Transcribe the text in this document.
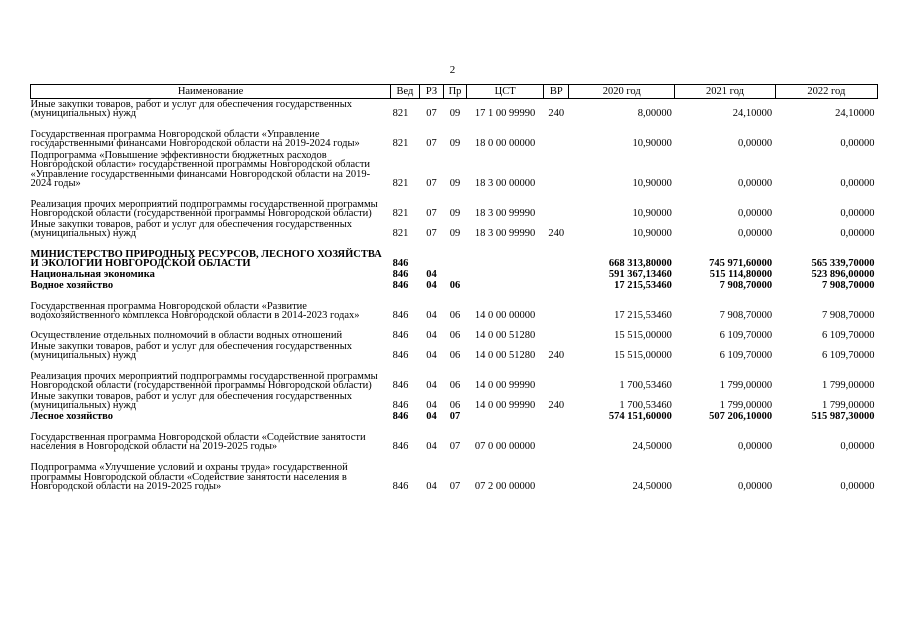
2
Наименование	Вед	РЗ	Пр	ЦСТ	ВР	2020 год	2021 год	2022 год
Иные закупки товаров, работ и услуг для обеспечения государственных (муниципальных) нужд	821	07	09	17 1 00 99990	240	8,00000	24,10000	24,10000
Государственная программа Новгородской области «Управление государственными финансами Новгородской области на 2019-2024 годы»	821	07	09	18 0 00 00000		10,90000	0,00000	0,00000
Подпрограмма «Повышение эффективности бюджетных расходов Новгородской области» государственной программы Новгородской области «Управление государственными финансами Новгородской области на 2019-2024 годы»	821	07	09	18 3 00 00000		10,90000	0,00000	0,00000
Реализация прочих мероприятий подпрограммы государственной программы Новгородской области (государственной программы Новгородской области)	821	07	09	18 3 00 99990		10,90000	0,00000	0,00000
Иные закупки товаров, работ и услуг для обеспечения государственных (муниципальных) нужд	821	07	09	18 3 00 99990	240	10,90000	0,00000	0,00000
МИНИСТЕРСТВО ПРИРОДНЫХ РЕСУРСОВ, ЛЕСНОГО ХОЗЯЙСТВА И ЭКОЛОГИИ НОВГОРОДСКОЙ ОБЛАСТИ	846					668 313,80000	745 971,60000	565 339,70000
Национальная экономика	846	04				591 367,13460	515 114,80000	523 896,00000
Водное хозяйство	846	04	06			17 215,53460	7 908,70000	7 908,70000
Государственная программа Новгородской области «Развитие водохозяйственного комплекса Новгородской области в 2014-2023 годах»	846	04	06	14 0 00 00000		17 215,53460	7 908,70000	7 908,70000
Осуществление отдельных полномочий в области водных отношений	846	04	06	14 0 00 51280		15 515,00000	6 109,70000	6 109,70000
Иные закупки товаров, работ и услуг для обеспечения государственных (муниципальных) нужд	846	04	06	14 0 00 51280	240	15 515,00000	6 109,70000	6 109,70000
Реализация прочих мероприятий подпрограммы государственной программы Новгородской области (государственной программы Новгородской области)	846	04	06	14 0 00 99990		1 700,53460	1 799,00000	1 799,00000
Иные закупки товаров, работ и услуг для обеспечения государственных (муниципальных) нужд	846	04	06	14 0 00 99990	240	1 700,53460	1 799,00000	1 799,00000
Лесное хозяйство	846	04	07			574 151,60000	507 206,10000	515 987,30000
Государственная программа Новгородской области «Содействие занятости населения в Новгородской области на 2019-2025 годы»	846	04	07	07 0 00 00000		24,50000	0,00000	0,00000
Подпрограмма «Улучшение условий и охраны труда» государственной программы Новгородской области «Содействие занятости населения в Новгородской области на 2019-2025 годы»	846	04	07	07 2 00 00000		24,50000	0,00000	0,00000
